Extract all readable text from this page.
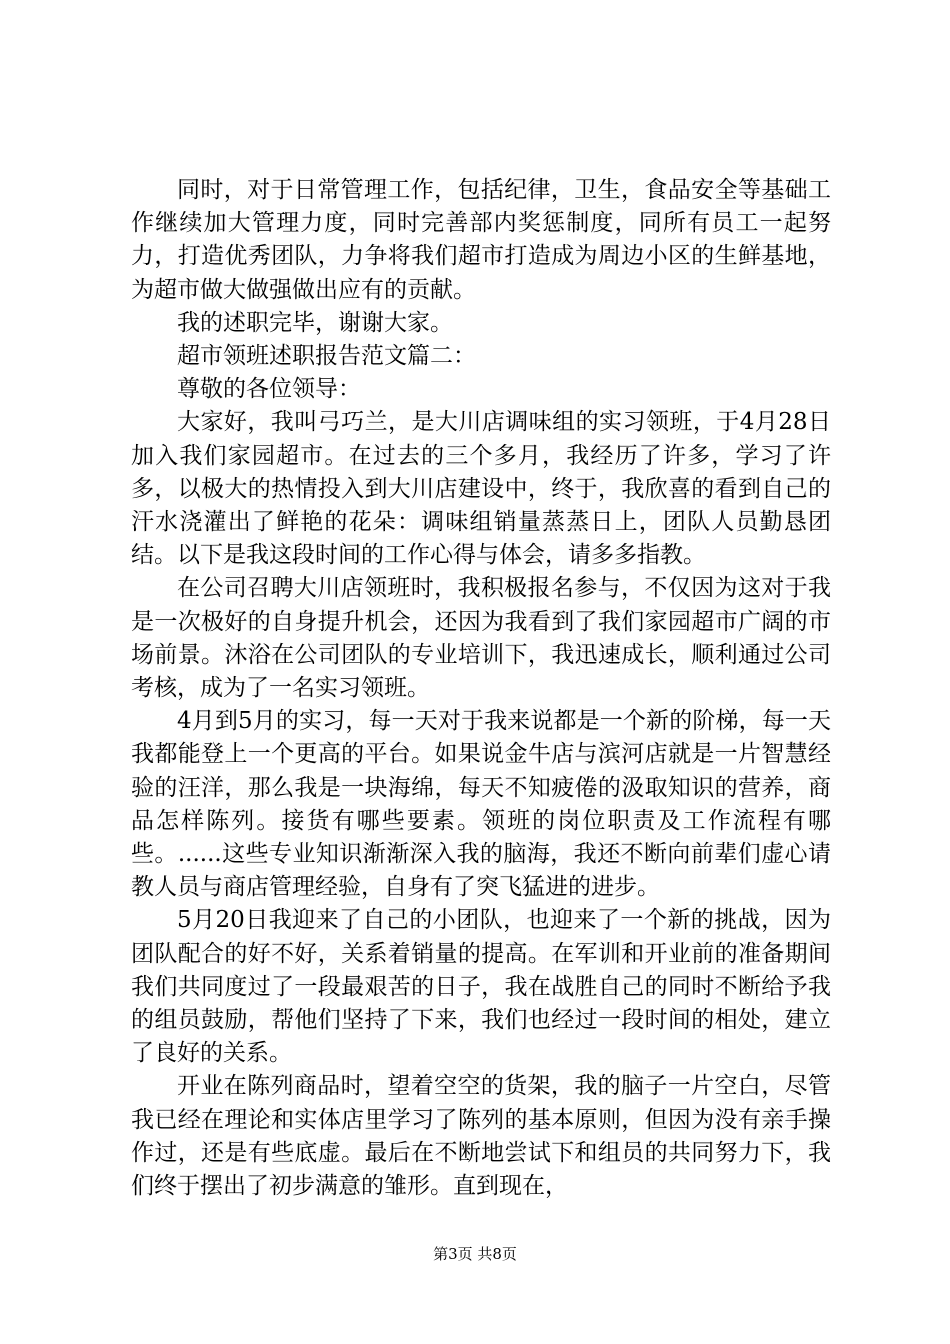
同时，对于日常管理工作，包括纪律，卫生，食品安全等基础工作继续加大管理力度，同时完善部内奖惩制度，同所有员工一起努力，打造优秀团队，力争将我们超市打造成为周边小区的生鲜基地，为超市做大做强做出应有的贡献。

我的述职完毕，谢谢大家。

超市领班述职报告范文篇二：

尊敬的各位领导：

大家好，我叫弓巧兰，是大川店调味组的实习领班，于4月28日加入我们家园超市。在过去的三个多月，我经历了许多，学习了许多，以极大的热情投入到大川店建设中，终于，我欣喜的看到自己的汗水浇灌出了鲜艳的花朵：调味组销量蒸蒸日上，团队人员勤恳团结。以下是我这段时间的工作心得与体会，请多多指教。

在公司召聘大川店领班时，我积极报名参与，不仅因为这对于我是一次极好的自身提升机会，还因为我看到了我们家园超市广阔的市场前景。沐浴在公司团队的专业培训下，我迅速成长，顺利通过公司考核，成为了一名实习领班。

4月到5月的实习，每一天对于我来说都是一个新的阶梯，每一天我都能登上一个更高的平台。如果说金牛店与滨河店就是一片智慧经验的汪洋，那么我是一块海绵，每天不知疲倦的汲取知识的营养，商品怎样陈列。接货有哪些要素。领班的岗位职责及工作流程有哪些。......这些专业知识渐渐深入我的脑海，我还不断向前辈们虚心请教人员与商店管理经验，自身有了突飞猛进的进步。

5月20日我迎来了自己的小团队，也迎来了一个新的挑战，因为团队配合的好不好，关系着销量的提高。在军训和开业前的准备期间我们共同度过了一段最艰苦的日子，我在战胜自己的同时不断给予我的组员鼓励，帮他们坚持了下来，我们也经过一段时间的相处，建立了良好的关系。

开业在陈列商品时，望着空空的货架，我的脑子一片空白，尽管我已经在理论和实体店里学习了陈列的基本原则，但因为没有亲手操作过，还是有些底虚。最后在不断地尝试下和组员的共同努力下，我们终于摆出了初步满意的雏形。直到现在，

第3页 共8页
